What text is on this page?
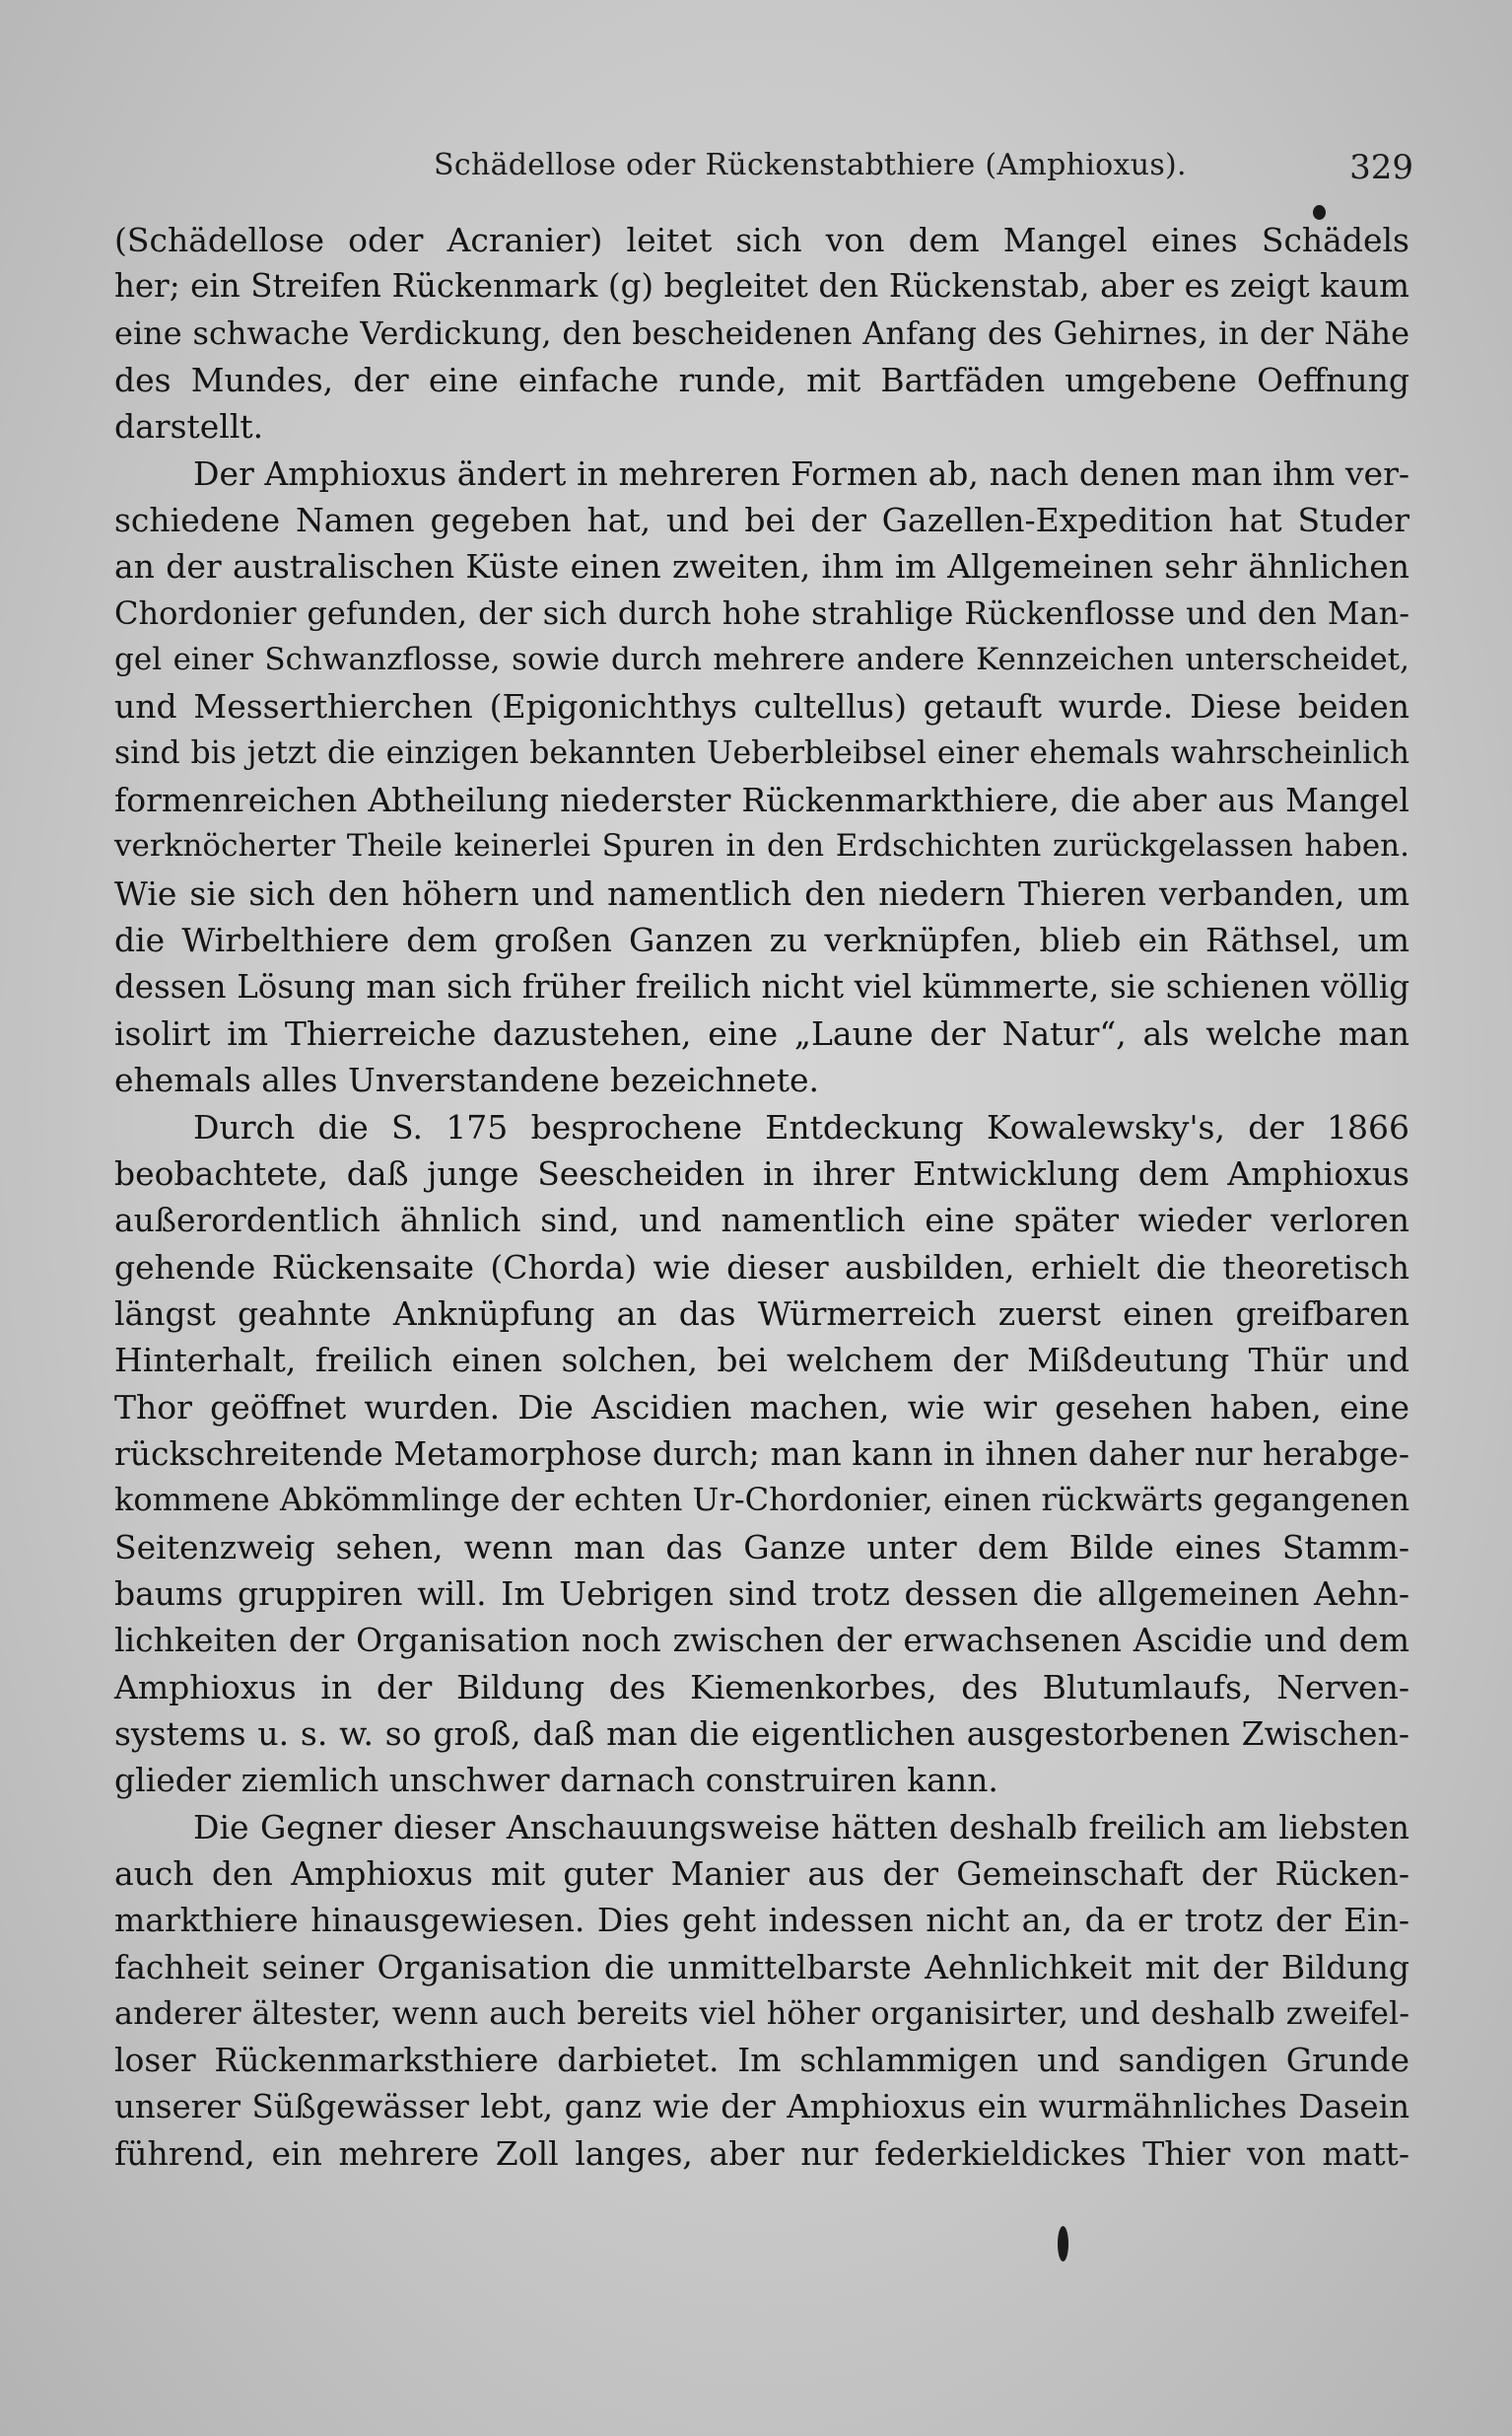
Schädellose oder Rückenstabthiere (Amphioxus).	329
(Schädellose oder Acranier) leitet sich von dem Mangel eines Schädels
her; ein Streifen Rückenmark (g) begleitet den Rückenstab, aber es zeigt kaum
eine schwache Verdickung, den bescheidenen Anfang des Gehirnes, in der Nähe
des Mundes, der eine einfache runde, mit Bartfäden umgebene Oeffnung
darstellt.
Der Amphioxus ändert in mehreren Formen ab, nach denen man ihm ver-
schiedene Namen gegeben hat, und bei der Gazellen-Expedition hat Studer
an der australischen Küste einen zweiten, ihm im Allgemeinen sehr ähnlichen
Chordonier gefunden, der sich durch hohe strahlige Rückenflosse und den Man-
gel einer Schwanzflosse, sowie durch mehrere andere Kennzeichen unterscheidet,
und Messerthierchen (Epigonichthys cultellus) getauft wurde. Diese beiden
sind bis jetzt die einzigen bekannten Ueberbleibsel einer ehemals wahrscheinlich
formenreichen Abtheilung niederster Rückenmarkthiere, die aber aus Mangel
verknöcherter Theile keinerlei Spuren in den Erdschichten zurückgelassen haben.
Wie sie sich den höhern und namentlich den niedern Thieren verbanden, um
die Wirbelthiere dem großen Ganzen zu verknüpfen, blieb ein Räthsel, um
dessen Lösung man sich früher freilich nicht viel kümmerte, sie schienen völlig
isolirt im Thierreiche dazustehen, eine „Laune der Natur“, als welche man
ehemals alles Unverstandene bezeichnete.
Durch die S. 175 besprochene Entdeckung Kowalewsky's, der 1866
beobachtete, daß junge Seescheiden in ihrer Entwicklung dem Amphioxus
außerordentlich ähnlich sind, und namentlich eine später wieder verloren
gehende Rückensaite (Chorda) wie dieser ausbilden, erhielt die theoretisch
längst geahnte Anknüpfung an das Würmerreich zuerst einen greifbaren
Hinterhalt, freilich einen solchen, bei welchem der Mißdeutung Thür und
Thor geöffnet wurden. Die Ascidien machen, wie wir gesehen haben, eine
rückschreitende Metamorphose durch; man kann in ihnen daher nur herabge-
kommene Abkömmlinge der echten Ur-Chordonier, einen rückwärts gegangenen
Seitenzweig sehen, wenn man das Ganze unter dem Bilde eines Stamm-
baums gruppiren will. Im Uebrigen sind trotz dessen die allgemeinen Aehn-
lichkeiten der Organisation noch zwischen der erwachsenen Ascidie und dem
Amphioxus in der Bildung des Kiemenkorbes, des Blutumlaufs, Nerven-
systems u. s. w. so groß, daß man die eigentlichen ausgestorbenen Zwischen-
glieder ziemlich unschwer darnach construiren kann.
Die Gegner dieser Anschauungsweise hätten deshalb freilich am liebsten
auch den Amphioxus mit guter Manier aus der Gemeinschaft der Rücken-
markthiere hinausgewiesen. Dies geht indessen nicht an, da er trotz der Ein-
fachheit seiner Organisation die unmittelbarste Aehnlichkeit mit der Bildung
anderer ältester, wenn auch bereits viel höher organisirter, und deshalb zweifel-
loser Rückenmarksthiere darbietet. Im schlammigen und sandigen Grunde
unserer Süßgewässer lebt, ganz wie der Amphioxus ein wurmähnliches Dasein
führend, ein mehrere Zoll langes, aber nur federkieldickes Thier von matt-
